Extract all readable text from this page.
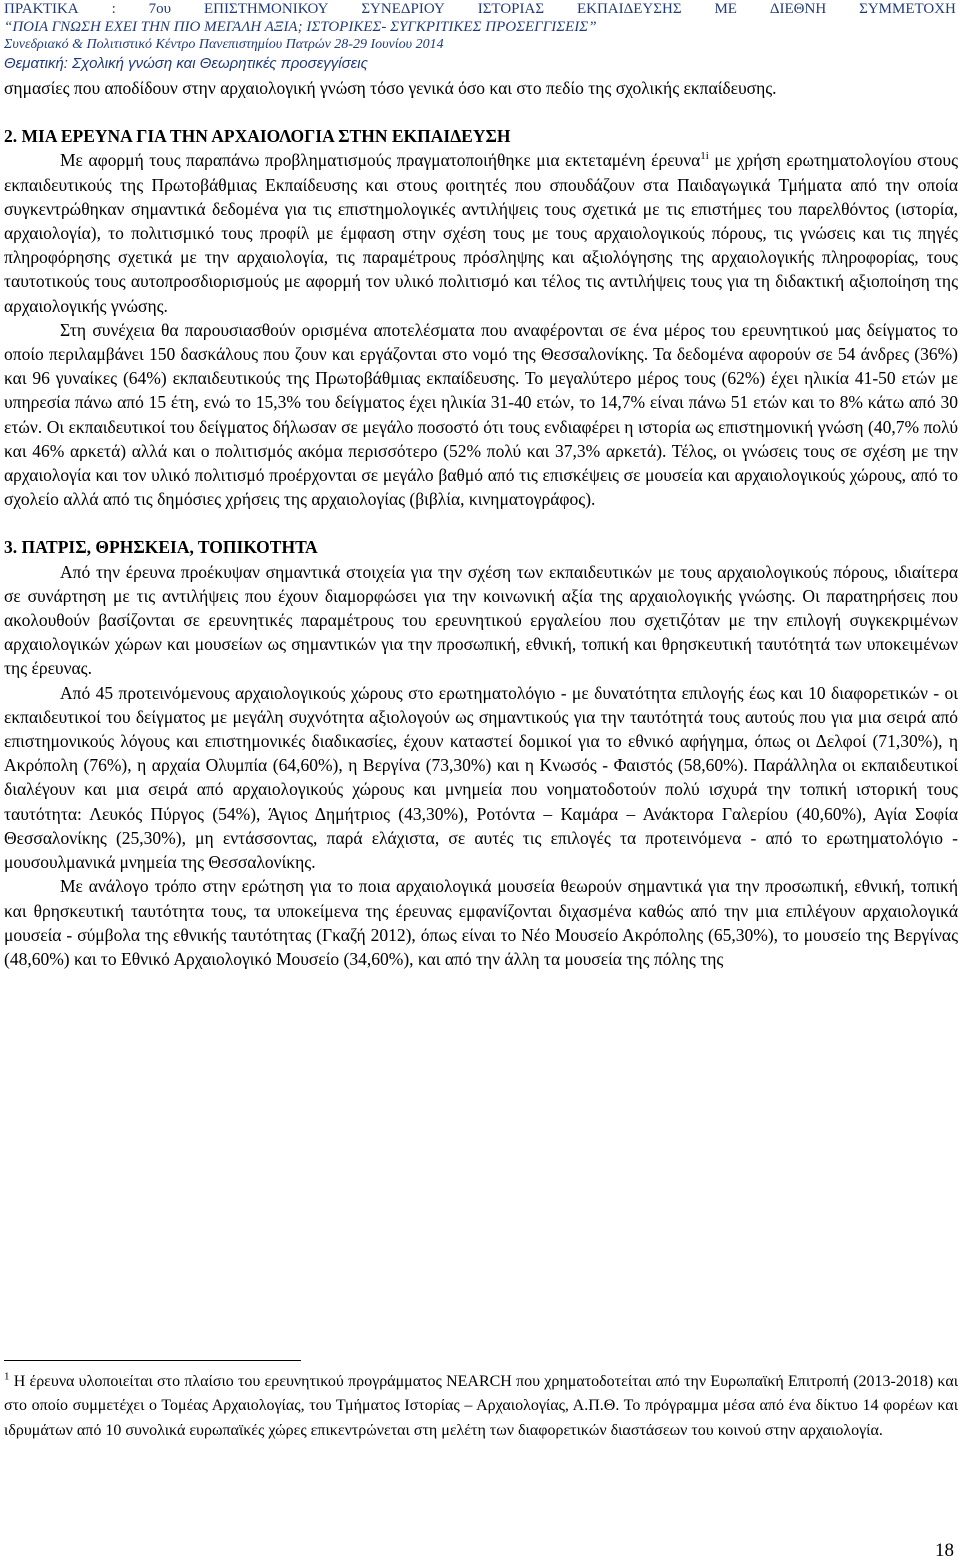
ΠΡΑΚΤΙΚΑ : 7ου ΕΠΙΣΤΗΜΟΝΙΚΟΥ ΣΥΝΕΔΡΙΟΥ ΙΣΤΟΡΙΑΣ ΕΚΠΑΙΔΕΥΣΗΣ ΜΕ ΔΙΕΘΝΗ ΣΥΜΜΕΤΟΧΗ
“ΠΟΙΑ ΓΝΩΣΗ ΕΧΕΙ ΤΗΝ ΠΙΟ ΜΕΓΑΛΗ ΑΞΙΑ; ΙΣΤΟΡΙΚΕΣ- ΣΥΓΚΡΙΤΙΚΕΣ ΠΡΟΣΕΓΓΙΣΕΙΣ”
Συνεδριακό & Πολιτιστικό Κέντρο Πανεπιστημίου Πατρών 28-29 Ιουνίου 2014
Θεματική: Σχολική γνώση και Θεωρητικές προσεγγίσεις

σημασίες που αποδίδουν στην αρχαιολογική γνώση τόσο γενικά όσο και στο πεδίο της σχολικής εκπαίδευσης.

2. ΜΙΑ ΕΡΕΥΝΑ ΓΙΑ ΤΗΝ ΑΡΧΑΙΟΛΟΓΙΑ ΣΤΗΝ ΕΚΠΑΙΔΕΥΣΗ

Με αφορμή τους παραπάνω προβληματισμούς πραγματοποιήθηκε μια εκτεταμένη έρευνα$^{1i}$ με χρήση ερωτηματολογίου στους εκπαιδευτικούς της Πρωτοβάθμιας Εκπαίδευσης και στους φοιτητές που σπουδάζουν στα Παιδαγωγικά Τμήματα από την οποία συγκεντρώθηκαν σημαντικά δεδομένα για τις επιστημολογικές αντιλήψεις τους σχετικά με τις επιστήμες του παρελθόντος (ιστορία, αρχαιολογία), το πολιτισμικό τους προφίλ με έμφαση στην σχέση τους με τους αρχαιολογικούς πόρους, τις γνώσεις και τις πηγές πληροφόρησης σχετικά με την αρχαιολογία, τις παραμέτρους πρόσληψης και αξιολόγησης της αρχαιολογικής πληροφορίας, τους ταυτοτικούς τους αυτοπροσδιορισμούς με αφορμή τον υλικό πολιτισμό και τέλος τις αντιλήψεις τους για τη διδακτική αξιοποίηση της αρχαιολογικής γνώσης.

Στη συνέχεια θα παρουσιασθούν ορισμένα αποτελέσματα που αναφέρονται σε ένα μέρος του ερευνητικού μας δείγματος το οποίο περιλαμβάνει 150 δασκάλους που ζουν και εργάζονται στο νομό της Θεσσαλονίκης. Τα δεδομένα αφορούν σε 54 άνδρες (36%) και 96 γυναίκες (64%) εκπαιδευτικούς της Πρωτοβάθμιας εκπαίδευσης. Το μεγαλύτερο μέρος τους (62%) έχει ηλικία 41-50 ετών με υπηρεσία πάνω από 15 έτη, ενώ το 15,3% του δείγματος έχει ηλικία 31-40 ετών, το 14,7% είναι πάνω 51 ετών και το 8% κάτω από 30 ετών. Οι εκπαιδευτικοί του δείγματος δήλωσαν σε μεγάλο ποσοστό ότι τους ενδιαφέρει η ιστορία ως επιστημονική γνώση (40,7% πολύ και 46% αρκετά) αλλά και ο πολιτισμός ακόμα περισσότερο (52% πολύ και 37,3% αρκετά). Τέλος, οι γνώσεις τους σε σχέση με την αρχαιολογία και τον υλικό πολιτισμό προέρχονται σε μεγάλο βαθμό από τις επισκέψεις σε μουσεία και αρχαιολογικούς χώρους, από το σχολείο αλλά από τις δημόσιες χρήσεις της αρχαιολογίας (βιβλία, κινηματογράφος).

3. ΠΑΤΡΙΣ, ΘΡΗΣΚΕΙΑ, ΤΟΠΙΚΟΤΗΤΑ

Από την έρευνα προέκυψαν σημαντικά στοιχεία για την σχέση των εκπαιδευτικών με τους αρχαιολογικούς πόρους, ιδιαίτερα σε συνάρτηση με τις αντιλήψεις που έχουν διαμορφώσει για την κοινωνική αξία της αρχαιολογικής γνώσης. Οι παρατηρήσεις που ακολουθούν βασίζονται σε ερευνητικές παραμέτρους του ερευνητικού εργαλείου που σχετιζόταν με την επιλογή συγκεκριμένων αρχαιολογικών χώρων και μουσείων ως σημαντικών για την προσωπική, εθνική, τοπική και θρησκευτική ταυτότητά των υποκειμένων της έρευνας.

Από 45 προτεινόμενους αρχαιολογικούς χώρους στο ερωτηματολόγιο - με δυνατότητα επιλογής έως και 10 διαφορετικών - οι εκπαιδευτικοί του δείγματος με μεγάλη συχνότητα αξιολογούν ως σημαντικούς για την ταυτότητά τους αυτούς που για μια σειρά από επιστημονικούς λόγους και επιστημονικές διαδικασίες, έχουν καταστεί δομικοί για το εθνικό αφήγημα, όπως οι Δελφοί (71,30%), η Ακρόπολη (76%), η αρχαία Ολυμπία (64,60%), η Βεργίνα (73,30%) και η Κνωσός - Φαιστός (58,60%). Παράλληλα οι εκπαιδευτικοί διαλέγουν και μια σειρά από αρχαιολογικούς χώρους και μνημεία που νοηματοδοτούν πολύ ισχυρά την τοπική ιστορική τους ταυτότητα: Λευκός Πύργος (54%), Άγιος Δημήτριος (43,30%), Ροτόντα – Καμάρα – Ανάκτορα Γαλερίου (40,60%), Αγία Σοφία Θεσσαλονίκης (25,30%), μη εντάσσοντας, παρά ελάχιστα, σε αυτές τις επιλογές τα προτεινόμενα - από το ερωτηματολόγιο - μουσουλμανικά μνημεία της Θεσσαλονίκης.

Με ανάλογο τρόπο στην ερώτηση για το ποια αρχαιολογικά μουσεία θεωρούν σημαντικά για την προσωπική, εθνική, τοπική και θρησκευτική ταυτότητα τους, τα υποκείμενα της έρευνας εμφανίζονται διχασμένα καθώς από την μια επιλέγουν αρχαιολογικά μουσεία - σύμβολα της εθνικής ταυτότητας (Γκαζή 2012), όπως είναι το Νέο Μουσείο Ακρόπολης (65,30%), το μουσείο της Βεργίνας (48,60%) και το Εθνικό Αρχαιολογικό Μουσείο (34,60%), και από την άλλη τα μουσεία της πόλης της

$^1$ Η έρευνα υλοποιείται στο πλαίσιο του ερευνητικού προγράμματος NEARCH που χρηματοδοτείται από την Ευρωπαϊκή Επιτροπή (2013-2018) και στο οποίο συμμετέχει ο Τομέας Αρχαιολογίας, του Τμήματος Ιστορίας – Αρχαιολογίας, Α.Π.Θ. Το πρόγραμμα μέσα από ένα δίκτυο 14 φορέων και ιδρυμάτων από 10 συνολικά ευρωπαϊκές χώρες επικεντρώνεται στη μελέτη των διαφορετικών διαστάσεων του κοινού στην αρχαιολογία.

18
